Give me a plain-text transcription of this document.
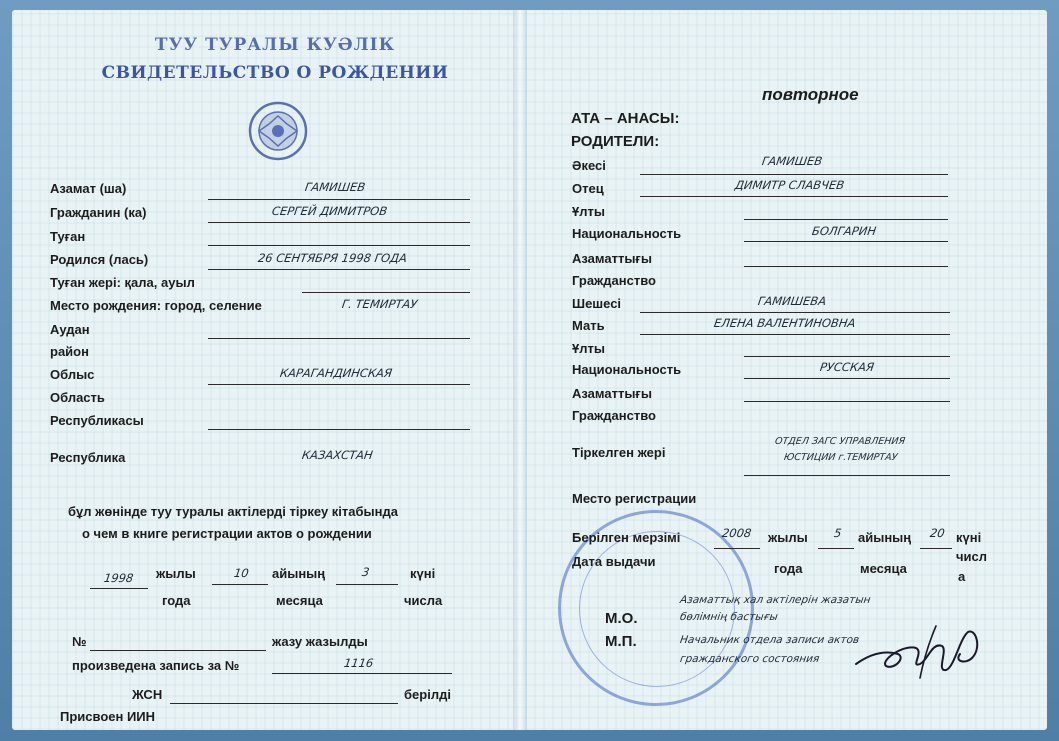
ТУУ ТУРАЛЫ КУӘЛІК
СВИДЕТЕЛЬСТВО О РОЖДЕНИИ
Азамат (ша)	ГАМИШЕВ
Гражданин (ка)	СЕРГЕЙ ДИМИТРОВ
Туған
Родился (лась)	26 СЕНТЯБРЯ 1998 ГОДА
Туған жері: қала, ауыл
Место рождения: город, селение	Г. ТЕМИРТАУ
Аудан
район
Облыс	КАРАГАНДИНСКАЯ
Область
Республикасы
Республика	КАЗАХСТАН
бұл жөнінде туу туралы актілерді тіркеу кітабында
о чем в книге регистрации актов о рождении
1998 жылы
года
10 айының
месяца
3	күні
числа
№	жазу жазылды
произведена запись за №	1116
ЖСН	берілді
Присвоен ИИН
повторное
АТА – АНАСЫ:
РОДИТЕЛИ:
Әкесі	ГАМИШЕВ
Отец	ДИМИТР СЛАВЧЕВ
Ұлты
Национальность	БОЛГАРИН
Азаматтығы
Гражданство
Шешесі	ГАМИШЕВА
Мать	ЕЛЕНА ВАЛЕНТИНОВНА
Ұлты
Национальность	РУССКАЯ
Азаматтығы
Гражданство
Тіркелген жері
ОТДЕЛ ЗАГС УПРАВЛЕНИЯ
ЮСТИЦИИ г.ТЕМИРТАУ
Место регистрации
Берілген мерзімі	2008 жылы 5 айының 20 күні
Дата выдачи	года	месяца
числ
а
М.О.
М.П.
Азаматтық хал актілерін жазатын
бөлімнің бастығы
Начальник отдела записи актов
гражданского состояния
